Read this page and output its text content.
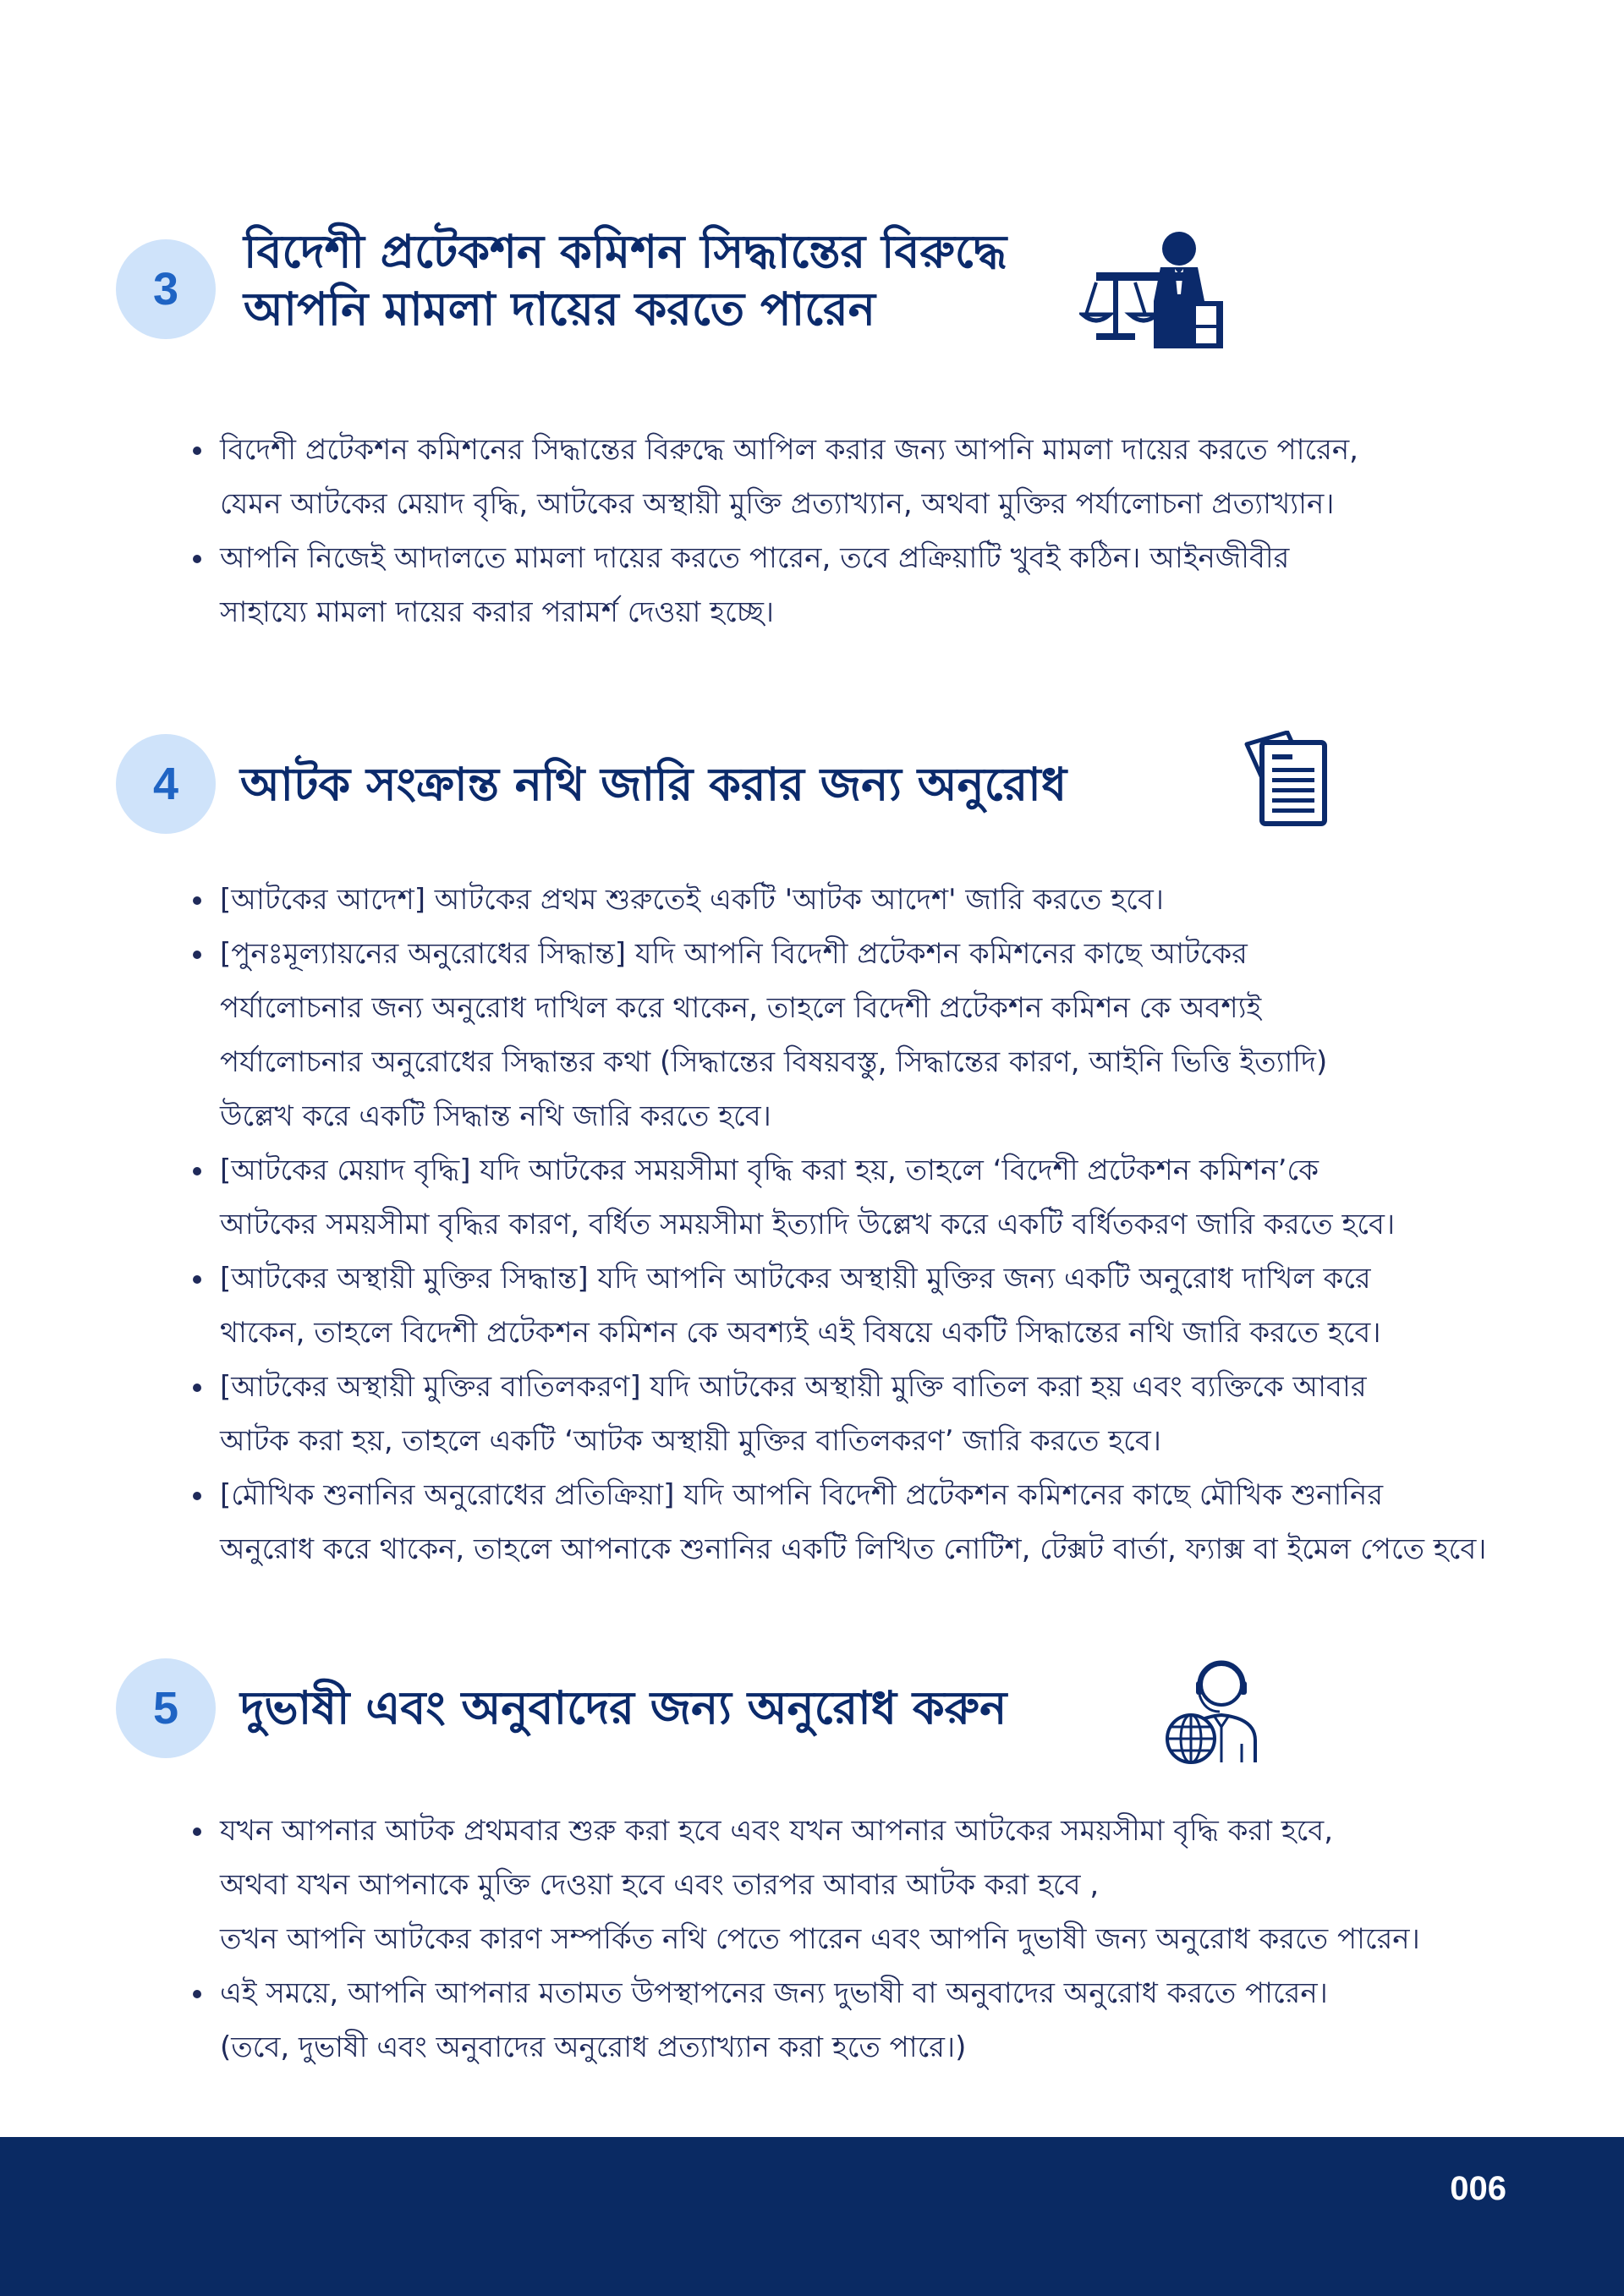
3
বিদেশী প্রটেকশন কমিশন সিদ্ধান্তের বিরুদ্ধে
আপনি মামলা দায়ের করতে পারেন
বিদেশী প্রটেকশন কমিশনের সিদ্ধান্তের বিরুদ্ধে আপিল করার জন্য আপনি মামলা দায়ের করতে পারেন,
যেমন আটকের মেয়াদ বৃদ্ধি, আটকের অস্থায়ী মুক্তি প্রত্যাখ্যান, অথবা মুক্তির পর্যালোচনা প্রত্যাখ্যান।
আপনি নিজেই আদালতে মামলা দায়ের করতে পারেন, তবে প্রক্রিয়াটি খুবই কঠিন। আইনজীবীর
সাহায্যে মামলা দায়ের করার পরামর্শ দেওয়া হচ্ছে।
4	আটক সংক্রান্ত নথি জারি করার জন্য অনুরোধ
[আটকের আদেশ] আটকের প্রথম শুরুতেই একটি 'আটক আদেশ' জারি করতে হবে।
[পুনঃমূল্যায়নের অনুরোধের সিদ্ধান্ত] যদি আপনি বিদেশী প্রটেকশন কমিশনের কাছে আটকের
পর্যালোচনার জন্য অনুরোধ দাখিল করে থাকেন, তাহলে বিদেশী প্রটেকশন কমিশন কে অবশ্যই
পর্যালোচনার অনুরোধের সিদ্ধান্তর কথা (সিদ্ধান্তের বিষয়বস্তু, সিদ্ধান্তের কারণ, আইনি ভিত্তি ইত্যাদি)
উল্লেখ করে একটি সিদ্ধান্ত নথি জারি করতে হবে।
[আটকের মেয়াদ বৃদ্ধি] যদি আটকের সময়সীমা বৃদ্ধি করা হয়, তাহলে ‘বিদেশী প্রটেকশন কমিশন’কে
আটকের সময়সীমা বৃদ্ধির কারণ, বর্ধিত সময়সীমা ইত্যাদি উল্লেখ করে একটি বর্ধিতকরণ জারি করতে হবে।
[আটকের অস্থায়ী মুক্তির সিদ্ধান্ত] যদি আপনি আটকের অস্থায়ী মুক্তির জন্য একটি অনুরোধ দাখিল করে
থাকেন, তাহলে বিদেশী প্রটেকশন কমিশন কে অবশ্যই এই বিষয়ে একটি সিদ্ধান্তের নথি জারি করতে হবে।
[আটকের অস্থায়ী মুক্তির বাতিলকরণ] যদি আটকের অস্থায়ী মুক্তি বাতিল করা হয় এবং ব্যক্তিকে আবার
আটক করা হয়, তাহলে একটি ‘আটক অস্থায়ী মুক্তির বাতিলকরণ’ জারি করতে হবে।
[মৌখিক শুনানির অনুরোধের প্রতিক্রিয়া] যদি আপনি বিদেশী প্রটেকশন কমিশনের কাছে মৌখিক শুনানির
অনুরোধ করে থাকেন, তাহলে আপনাকে শুনানির একটি লিখিত নোটিশ, টেক্সট বার্তা, ফ্যাক্স বা ইমেল পেতে হবে।
5	দুভাষী এবং অনুবাদের জন্য অনুরোধ করুন
যখন আপনার আটক প্রথমবার শুরু করা হবে এবং যখন আপনার আটকের সময়সীমা বৃদ্ধি করা হবে,
অথবা যখন আপনাকে মুক্তি দেওয়া হবে এবং তারপর আবার আটক করা হবে ,
তখন আপনি আটকের কারণ সম্পর্কিত নথি পেতে পারেন এবং আপনি দুভাষী জন্য অনুরোধ করতে পারেন।
এই সময়ে, আপনি আপনার মতামত উপস্থাপনের জন্য দুভাষী বা অনুবাদের অনুরোধ করতে পারেন।
(তবে, দুভাষী এবং অনুবাদের অনুরোধ প্রত্যাখ্যান করা হতে পারে।)
006
